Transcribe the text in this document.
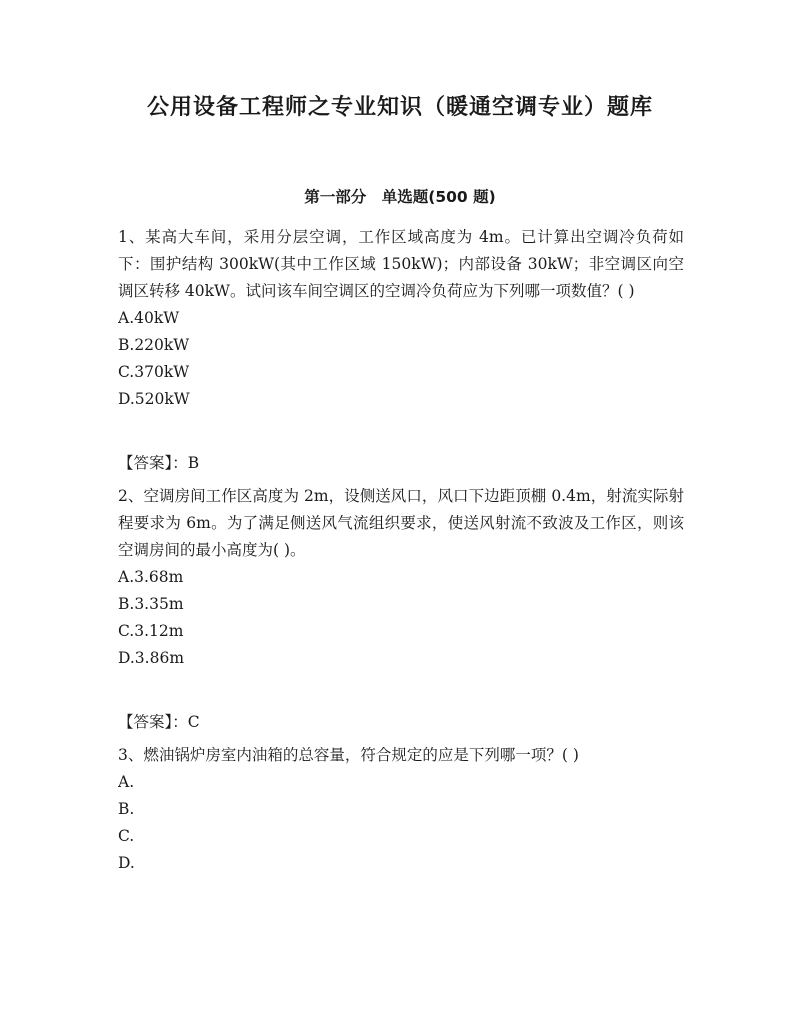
公用设备工程师之专业知识（暖通空调专业）题库
第一部分　单选题(500 题)

1、某高大车间，采用分层空调，工作区域高度为 4m。已计算出空调冷负荷如下：围护结构 300kW(其中工作区域 150kW)；内部设备 30kW；非空调区向空调区转移 40kW。试问该车间空调区的空调冷负荷应为下列哪一项数值？( )

A.40kW

B.220kW

C.370kW

D.520kW

【答案】：B

2、空调房间工作区高度为 2m，设侧送风口，风口下边距顶棚 0.4m，射流实际射程要求为 6m。为了满足侧送风气流组织要求，使送风射流不致波及工作区，则该空调房间的最小高度为( )。

A.3.68m

B.3.35m

C.3.12m

D.3.86m

【答案】：C

3、燃油锅炉房室内油箱的总容量，符合规定的应是下列哪一项？( )

A.

B.

C.

D.
